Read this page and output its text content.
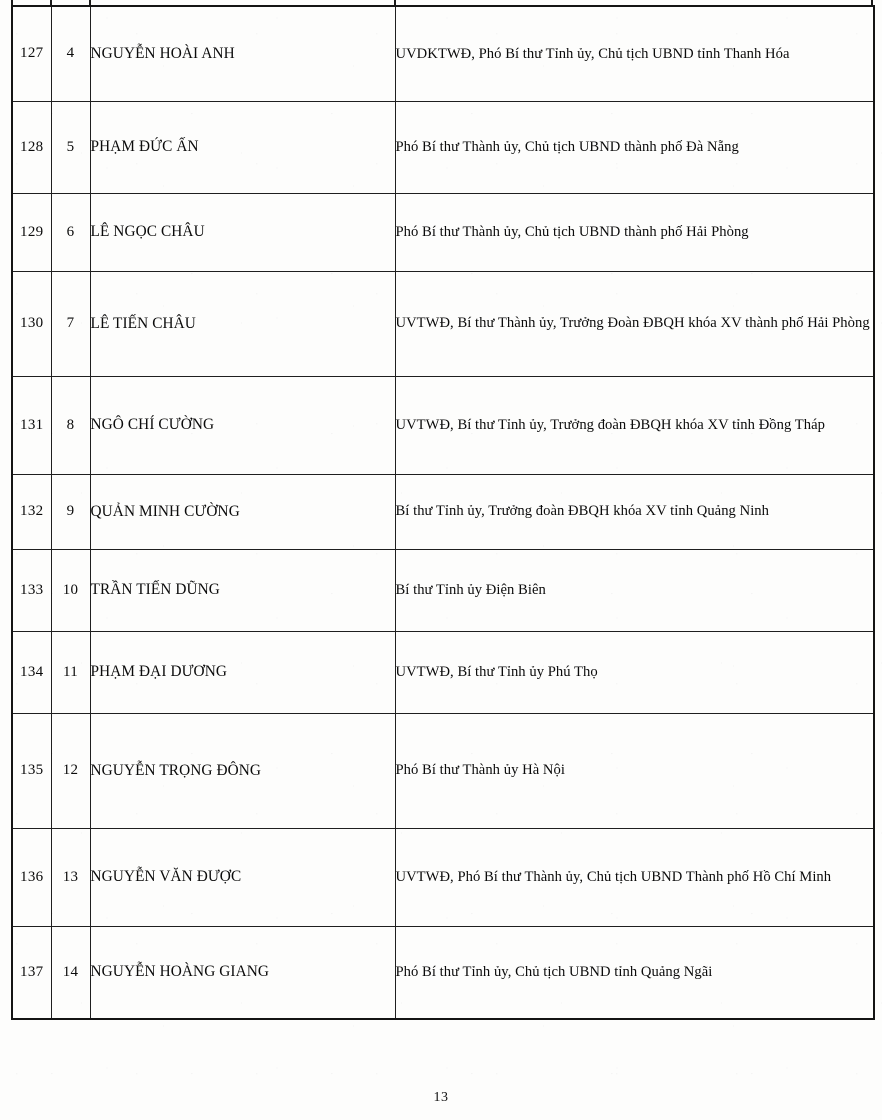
127	4	NGUYỄN HOÀI ANH	UVDKTWĐ, Phó Bí thư Tỉnh ủy, Chủ tịch UBND tỉnh Thanh Hóa

128	5	PHẠM ĐỨC ẤN	Phó Bí thư Thành ủy, Chủ tịch UBND thành phố Đà Nẵng

129	6	LÊ NGỌC CHÂU	Phó Bí thư Thành ủy, Chủ tịch UBND thành phố Hải Phòng

130	7	LÊ TIẾN CHÂU	UVTWĐ, Bí thư Thành ủy, Trưởng Đoàn ĐBQH khóa XV thành phố Hải Phòng

131	8	NGÔ CHÍ CƯỜNG	UVTWĐ, Bí thư Tỉnh ủy, Trưởng đoàn ĐBQH khóa XV tỉnh Đồng Tháp

132	9	QUẢN MINH CƯỜNG	Bí thư Tỉnh ủy, Trưởng đoàn ĐBQH khóa XV tỉnh Quảng Ninh

133	10	TRẦN TIẾN DŨNG	Bí thư Tỉnh ủy Điện Biên

134	11	PHẠM ĐẠI DƯƠNG	UVTWĐ, Bí thư Tỉnh ủy Phú Thọ

135	12	NGUYỄN TRỌNG ĐÔNG	Phó Bí thư Thành ủy Hà Nội

136	13	NGUYỄN VĂN ĐƯỢC	UVTWĐ, Phó Bí thư Thành ủy, Chủ tịch UBND Thành phố Hồ Chí Minh

137	14	NGUYỄN HOÀNG GIANG	Phó Bí thư Tỉnh ủy, Chủ tịch UBND tỉnh Quảng Ngãi
13
